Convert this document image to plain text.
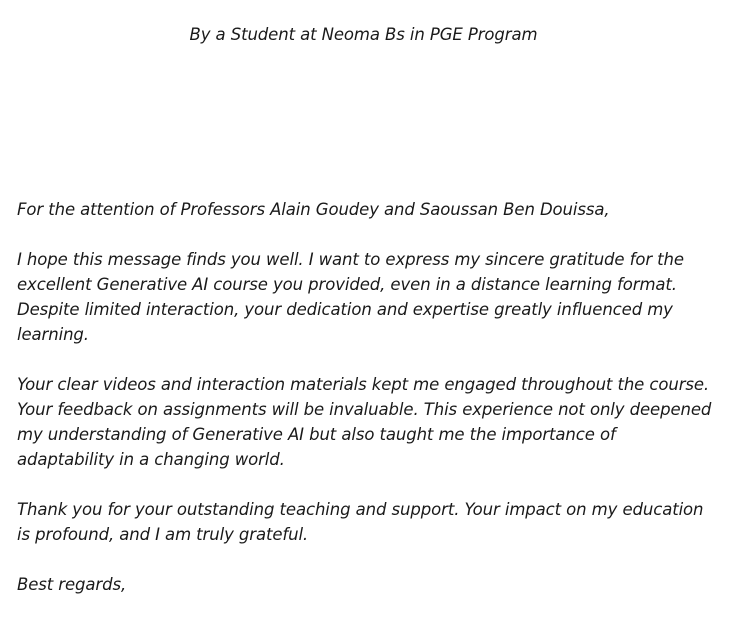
By a Student at Neoma Bs in PGE Program

For the attention of Professors Alain Goudey and Saoussan Ben Douissa,

I hope this message finds you well. I want to express my sincere gratitude for the
excellent Generative AI course you provided, even in a distance learning format.
Despite limited interaction, your dedication and expertise greatly influenced my
learning.

Your clear videos and interaction materials kept me engaged throughout the course.
Your feedback on assignments will be invaluable. This experience not only deepened
my understanding of Generative AI but also taught me the importance of
adaptability in a changing world.

Thank you for your outstanding teaching and support. Your impact on my education
is profound, and I am truly grateful.

Best regards,
